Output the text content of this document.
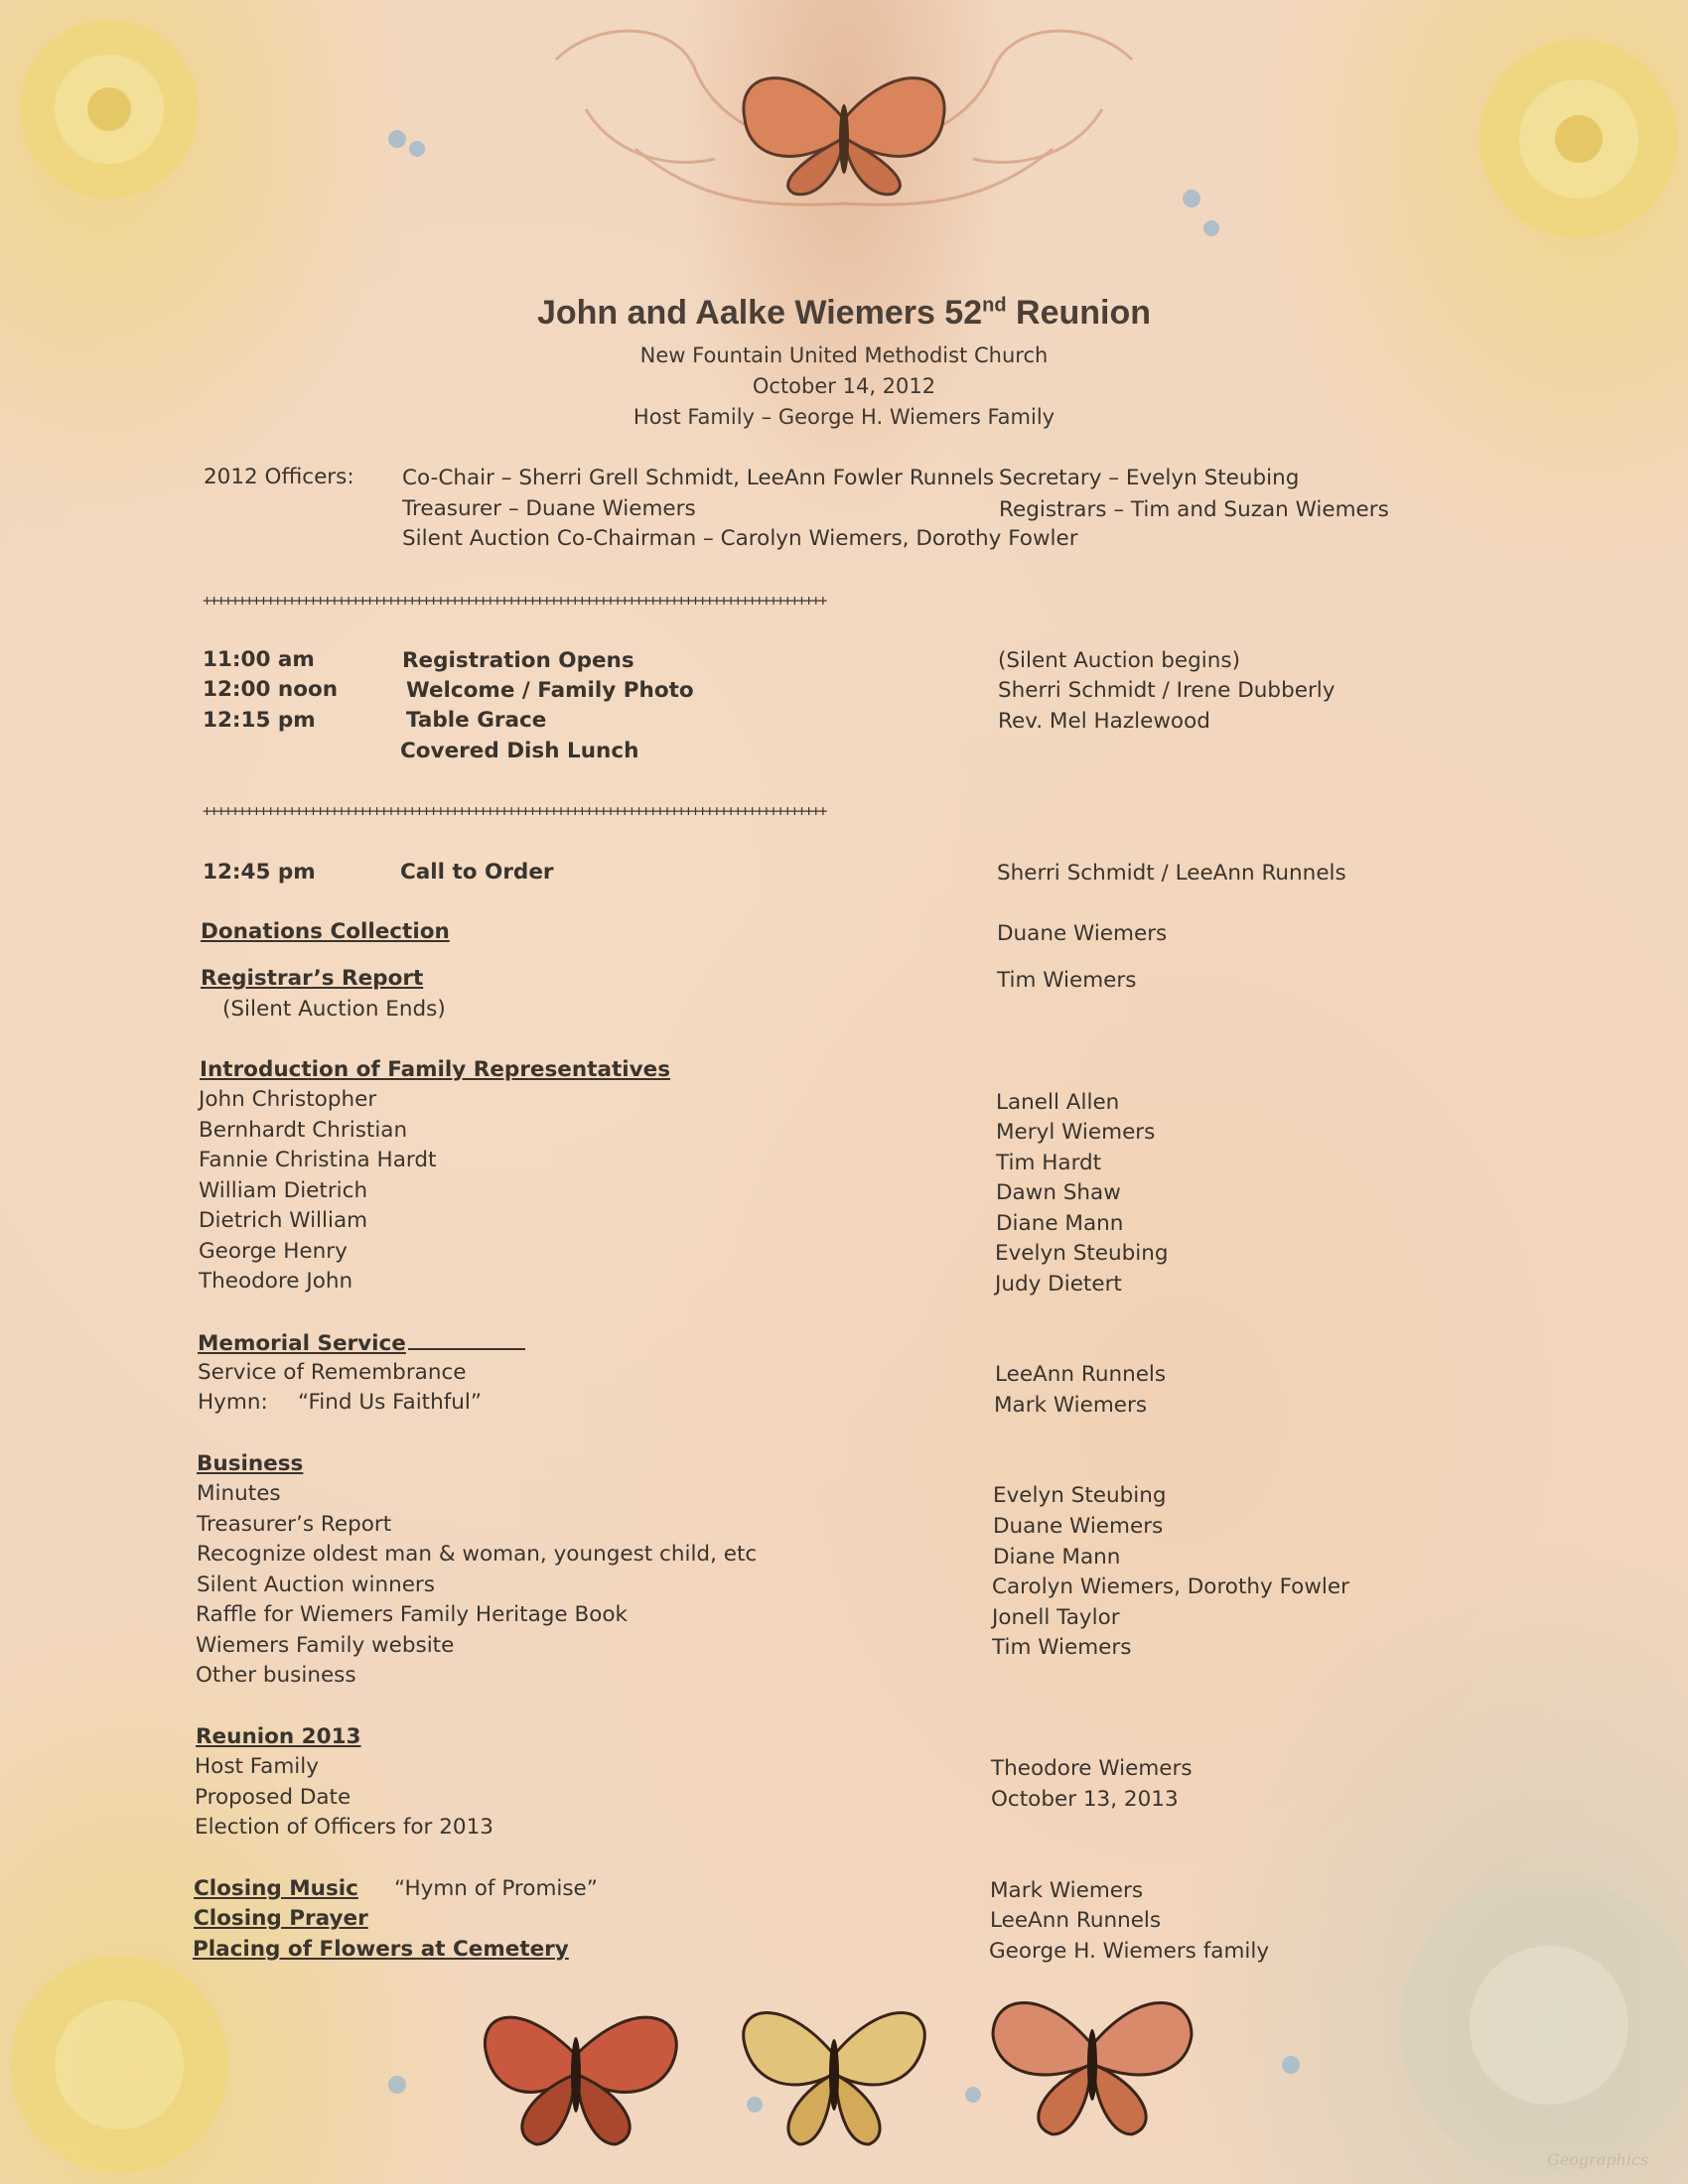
John and Aalke Wiemers 52nd Reunion
New Fountain United Methodist Church
October 14, 2012
Host Family – George H. Wiemers Family
2012 Officers: Co-Chair – Sherri Grell Schmidt, LeeAnn Fowler Runnels Secretary – Evelyn Steubing
Treasurer – Duane Wiemers	Registrars – Tim and Suzan Wiemers
Silent Auction Co-Chairman – Carolyn Wiemers, Dorothy Fowler
++++++++++++++++++++++++++++++++++++++++++++++++++++++++++++++++++++++++++++++++++++++++
11:00 am	Registration Opens	(Silent Auction begins)
12:00 noon	Welcome / Family Photo	Sherri Schmidt / Irene Dubberly
12:15 pm	Table Grace	Rev. Mel Hazlewood
Covered Dish Lunch
++++++++++++++++++++++++++++++++++++++++++++++++++++++++++++++++++++++++++++++++++++++++
12:45 pm	Call to Order	Sherri Schmidt / LeeAnn Runnels
Donations Collection	Duane Wiemers
Registrar’s Report	Tim Wiemers
(Silent Auction Ends)
Introduction of Family Representatives
John Christopher	Lanell Allen
Bernhardt Christian	Meryl Wiemers
Fannie Christina Hardt	Tim Hardt
William Dietrich	Dawn Shaw
Dietrich William	Diane Mann
George Henry	Evelyn Steubing
Theodore John	Judy Dietert
Memorial Service
Service of Remembrance	LeeAnn Runnels
Hymn: “Find Us Faithful”	Mark Wiemers
Business
Minutes	Evelyn Steubing
Treasurer’s Report	Duane Wiemers
Recognize oldest man & woman, youngest child, etc	Diane Mann
Silent Auction winners	Carolyn Wiemers, Dorothy Fowler
Raffle for Wiemers Family Heritage Book	Jonell Taylor
Wiemers Family website	Tim Wiemers
Other business
Reunion 2013
Host Family	Theodore Wiemers
Proposed Date	October 13, 2013
Election of Officers for 2013
Closing Music “Hymn of Promise”	Mark Wiemers
Closing Prayer	LeeAnn Runnels
Placing of Flowers at Cemetery	George H. Wiemers family
Geographics
